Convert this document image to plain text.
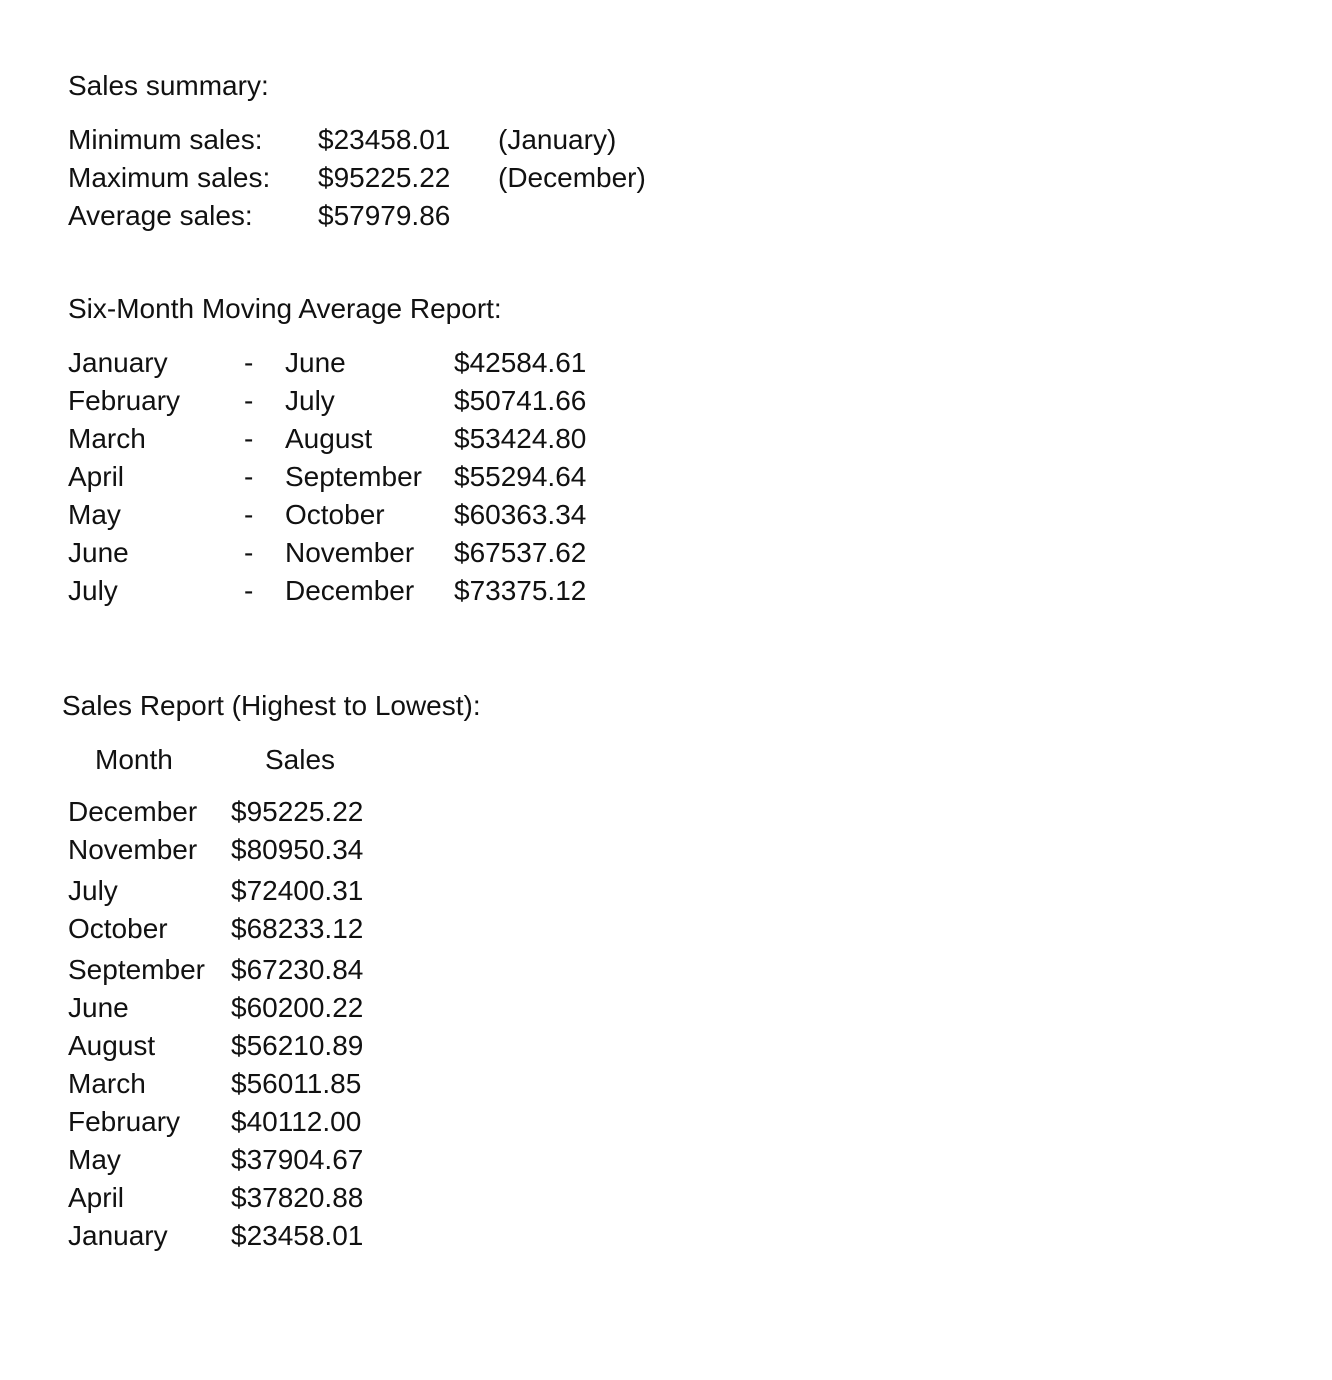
Sales summary:
Minimum sales: $23458.01 (January)
Maximum sales: $95225.22 (December)
Average sales: $57979.86
Six-Month Moving Average Report:
January	- June	$42584.61
February - July	$50741.66
March	- August	$53424.80
April	- September $55294.64
May	- October $60363.34
June	- November $67537.62
July	- December $73375.12
Sales Report (Highest to Lowest):
Month	Sales
December $95225.22
November $80950.34
July	$72400.31
October $68233.12
September $67230.84
June	$60200.22
August	$56210.89
March	$56011.85
February $40112.00
May	$37904.67
April	$37820.88
January $23458.01
